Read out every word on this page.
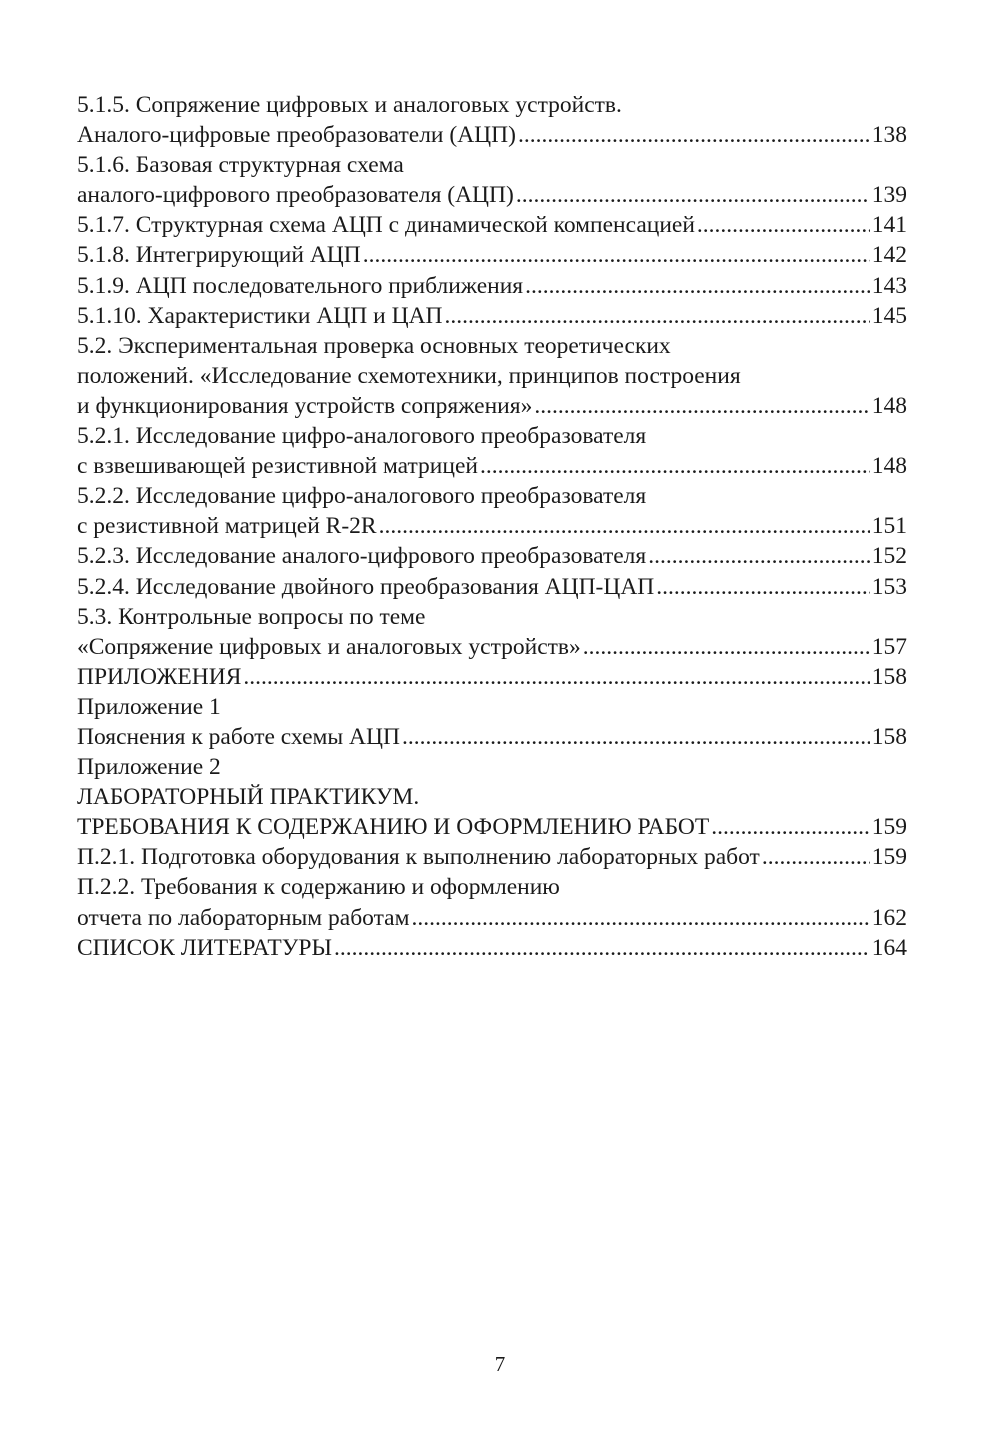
5.1.5. Сопряжение цифровых и аналоговых устройств.
Аналого-цифровые преобразователи (АЦП) .....	138
5.1.6. Базовая структурная схема
аналого-цифрового преобразователя (АЦП) .....	139
5.1.7. Структурная схема АЦП с динамической компенсацией .....	141
5.1.8. Интегрирующий АЦП .....	142
5.1.9. АЦП последовательного приближения .....	143
5.1.10. Характеристики АЦП и ЦАП .....	145
5.2. Экспериментальная проверка основных теоретических
положений. «Исследование схемотехники, принципов построения
и функционирования устройств сопряжения» .....	148
5.2.1. Исследование цифро-аналогового преобразователя
с взвешивающей резистивной матрицей .....	148
5.2.2. Исследование цифро-аналогового преобразователя
с резистивной матрицей R-2R .....	151
5.2.3. Исследование аналого-цифрового преобразователя .....	152
5.2.4. Исследование двойного преобразования АЦП-ЦАП .....	153
5.3. Контрольные вопросы по теме
«Сопряжение цифровых и аналоговых устройств» .....	157
ПРИЛОЖЕНИЯ .....	158
Приложение 1
Пояснения к работе схемы АЦП .....	158
Приложение 2
ЛАБОРАТОРНЫЙ ПРАКТИКУМ.
ТРЕБОВАНИЯ К СОДЕРЖАНИЮ И ОФОРМЛЕНИЮ РАБОТ .....	159
П.2.1. Подготовка оборудования к выполнению лабораторных работ .....	159
П.2.2. Требования к содержанию и оформлению
отчета по лабораторным работам .....	162
СПИСОК ЛИТЕРАТУРЫ .....	164
7
